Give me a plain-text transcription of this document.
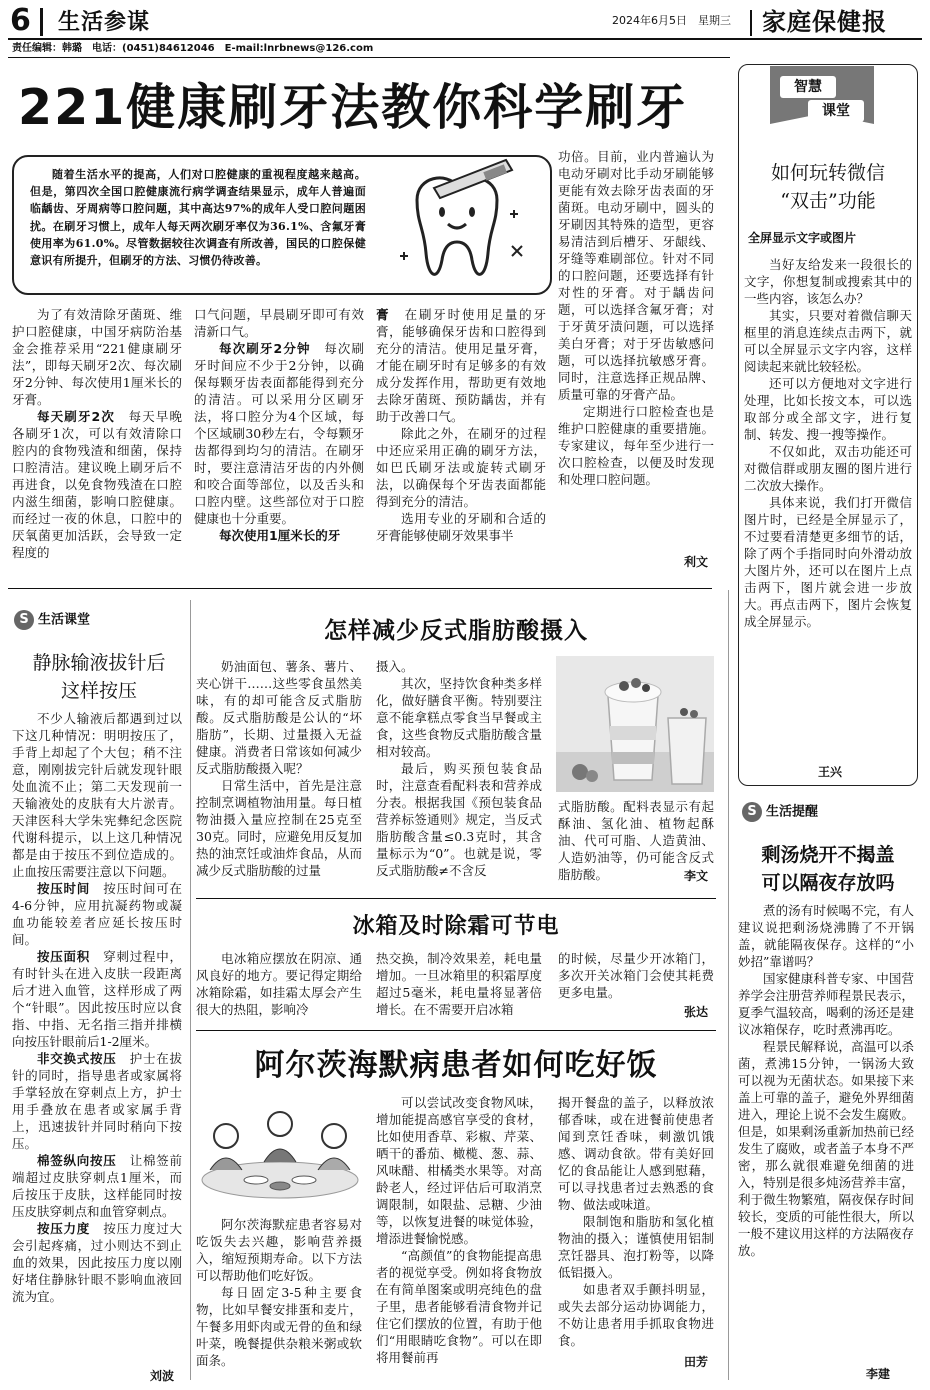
6	生活参谋	2024年6月5日　星期三 家庭保健报
责任编辑：韩璐　电话：(0451)84612046　E-mail:lnrbnews@126.com
221健康刷牙法教你科学刷牙

随着生活水平的提高，人们对口腔健康的重视程度越来越高。但是，第四次全国口腔健康流行病学调查结果显示，成年人普遍面临龋齿、牙周病等口腔问题，其中高达97%的成年人受口腔问题困扰。在刷牙习惯上，成年人每天两次刷牙率仅为36.1%、含氟牙膏使用率为61.0%。尽管数据较往次调查有所改善，国民的口腔保健意识有所提升，但刷牙的方法、习惯仍待改善。

功倍。目前，业内普遍认为电动牙刷对比手动牙刷能够更能有效去除牙齿表面的牙菌斑。电动牙刷中，圆头的牙刷因其特殊的造型，更容易清洁到后槽牙、牙龈线、牙缝等难刷部位。针对不同的口腔问题，还要选择有针对性的牙膏。对于龋齿问题，可以选择含氟牙膏；对于牙黄牙渍问题，可以选择美白牙膏；对于牙齿敏感问题，可以选择抗敏感牙膏。同时，注意选择正规品牌、质量可靠的牙膏产品。

定期进行口腔检查也是维护口腔健康的重要措施。专家建议，每年至少进行一次口腔检查，以便及时发现和处理口腔问题。

利文

为了有效清除牙菌斑、维护口腔健康，中国牙病防治基金会推荐采用“221健康刷牙法”，即每天刷牙2次、每次刷牙2分钟、每次使用1厘米长的牙膏。

每天刷牙2次　 每天早晚各刷牙1次，可以有效清除口腔内的食物残渣和细菌，保持口腔清洁。建议晚上刷牙后不再进食，以免食物残渣在口腔内滋生细菌，影响口腔健康。而经过一夜的休息，口腔中的厌氧菌更加活跃，会导致一定程度的

口气问题，早晨刷牙即可有效清新口气。

每次刷牙2分钟　 每次刷牙时间应不少于2分钟，以确保每颗牙齿表面都能得到充分的清洁。可以采用分区刷牙法，将口腔分为4个区域，每个区域刷30秒左右，令每颗牙齿都得到均匀的清洁。在刷牙时，要注意清洁牙齿的内外侧和咬合面等部位，以及舌头和口腔内壁。这些部位对于口腔健康也十分重要。

每次使用1厘米长的牙

膏　 在刷牙时使用足量的牙膏，能够确保牙齿和口腔得到充分的清洁。使用足量牙膏，才能在刷牙时有足够多的有效成分发挥作用，帮助更有效地去除牙菌斑、预防龋齿，并有助于改善口气。

除此之外，在刷牙的过程中还应采用正确的刷牙方法，如巴氏刷牙法或旋转式刷牙法，以确保每个牙齿表面都能得到充分的清洁。

选用专业的牙刷和合适的牙膏能够使刷牙效果事半

智慧
课堂
如何玩转微信
“双击”功能
全屏显示文字或图片

当好友给发来一段很长的文字，你想复制或搜索其中的一些内容，该怎么办？

其实，只要对着微信聊天框里的消息连续点击两下，就可以全屏显示文字内容，这样阅读起来就比较轻松。

还可以方便地对文字进行处理，比如长按文本，可以选取部分或全部文字，进行复制、转发、搜一搜等操作。

不仅如此，双击功能还可对微信群或朋友圈的图片进行二次放大操作。

具体来说，我们打开微信图片时，已经是全屏显示了，不过要看清楚更多细节的话，除了两个手指同时向外滑动放大图片外，还可以在图片上点击两下，图片就会进一步放大。再点击两下，图片会恢复成全屏显示。

王兴
S 生活提醒
剩汤烧开不揭盖
可以隔夜存放吗

煮的汤有时候喝不完，有人建议说把剩汤烧沸腾了不开锅盖，就能隔夜保存。这样的“小妙招”靠谱吗？

国家健康科普专家、中国营养学会注册营养师程景民表示，夏季气温较高，喝剩的汤还是建议冰箱保存，吃时煮沸再吃。

程景民解释说，高温可以杀菌，煮沸15分钟，一锅汤大致可以视为无菌状态。如果接下来盖上可靠的盖子，避免外界细菌进入，理论上说不会发生腐败。但是，如果剩汤重新加热前已经发生了腐败，或者盖子本身不严密，那么就很难避免细菌的进入，特别是很多炖汤营养丰富，利于微生物繁殖，隔夜保存时间较长，变质的可能性很大，所以一般不建议用这样的方法隔夜存放。

李建
S 生活课堂
静脉输液拔针后
这样按压

不少人输液后都遇到过以下这几种情况：明明按压了，手背上却起了个大包；稍不注意，刚刚拔完针后就发现针眼处血流不止；第二天发现前一天输液处的皮肤有大片淤青。天津医科大学朱宪彝纪念医院代谢科提示，以上这几种情况都是由于按压不到位造成的。止血按压需要注意以下问题。

按压时间　 按压时间可在4-6分钟，应用抗凝药物或凝血功能较差者应延长按压时间。

按压面积　 穿刺过程中，有时针头在进入皮肤一段距离后才进入血管，这样形成了两个“针眼”。因此按压时应以食指、中指、无名指三指并排横向按压针眼前后1-2厘米。

非交换式按压　 护士在拔针的同时，指导患者或家属将手掌轻放在穿刺点上方，护士用手叠放在患者或家属手背上，迅速拔针并同时稍向下按压。

棉签纵向按压　 让棉签前端超过皮肤穿刺点1厘米，而后按压于皮肤，这样能同时按压皮肤穿刺点和血管穿刺点。

按压力度　 按压力度过大会引起疼痛，过小则达不到止血的效果，因此按压力度以刚好堵住静脉针眼不影响血液回流为宜。

刘波
怎样减少反式脂肪酸摄入

奶油面包、薯条、薯片、夹心饼干……这些零食虽然美味，有的却可能含反式脂肪酸。反式脂肪酸是公认的“坏脂肪”，长期、过量摄入无益健康。消费者日常该如何减少反式脂肪酸摄入呢？

日常生活中，首先是注意控制烹调植物油用量。每日植物油摄入量应控制在25克至30克。同时，应避免用反复加热的油烹饪或油炸食品，从而减少反式脂肪酸的过量

摄入。

其次，坚持饮食种类多样化，做好膳食平衡。特别要注意不能拿糕点零食当早餐或主食，这些食物反式脂肪酸含量相对较高。

最后，购买预包装食品时，注意查看配料表和营养成分表。根据我国《预包装食品营养标签通则》规定，当反式脂肪酸含量≤0.3克时，其含量标示为“0”。也就是说，零反式脂肪酸≠不含反

式脂肪酸。配料表显示有起酥油、氢化油、植物起酥油、代可可脂、人造黄油、人造奶油等，仍可能含反式脂肪酸。	李文
冰箱及时除霜可节电

电冰箱应摆放在阴凉、通风良好的地方。要记得定期给冰箱除霜，如挂霜太厚会产生很大的热阻，影响冷

热交换，制冷效果差，耗电量增加。一旦冰箱里的积霜厚度超过5毫米，耗电量将显著倍增长。在不需要开启冰箱

的时候，尽量少开冰箱门，多次开关冰箱门会使其耗费更多电量。

张达
阿尔茨海默病患者如何吃好饭

阿尔茨海默症患者容易对吃饭失去兴趣，影响营养摄入，缩短预期寿命。以下方法可以帮助他们吃好饭。

每日固定3-5种主要食物，比如早餐安排蛋和麦片，午餐多用虾肉或无骨的鱼和绿叶菜，晚餐提供杂粮米粥或软面条。

可以尝试改变食物风味，增加能提高感官享受的食材，比如使用香草、彩椒、芹菜、晒干的番茄、橄榄、葱、蒜、风味醋、柑橘类水果等。对高龄老人，经过评估后可取消烹调限制，如限盐、忌糖、少油等，以恢复进餐的味觉体验，增添进餐愉悦感。

“高颜值”的食物能提高患者的视觉享受。例如将食物放在有简单图案或明亮纯色的盘子里，患者能够看清食物并记住它们摆放的位置，有助于他们“用眼睛吃食物”。可以在即将用餐前再

揭开餐盘的盖子，以释放浓郁香味，或在进餐前使患者闻到烹饪香味，刺激饥饿感、调动食欲。带有美好回忆的食品能让人感到慰藉，可以寻找患者过去熟悉的食物、做法或味道。

限制饱和脂肪和氢化植物油的摄入；谨慎使用铝制烹饪器具、泡打粉等，以降低铝摄入。

如患者双手颤抖明显，或失去部分运动协调能力，不妨让患者用手抓取食物进食。

田芳
